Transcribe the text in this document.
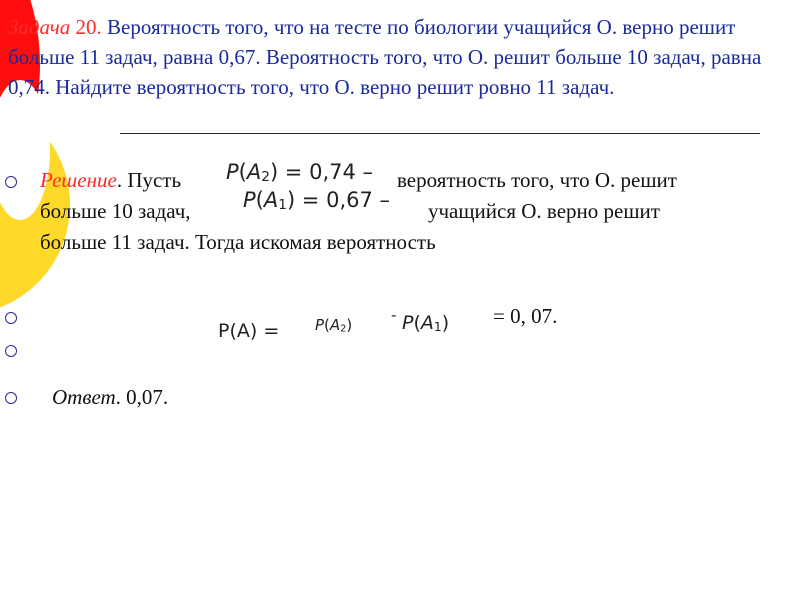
Задача 20. Вероятность того, что на тесте по биологии учащийся О. верно решит больше 11 задач, равна 0,67. Вероятность того, что О. решит больше 10 задач, равна 0,74. Найдите вероятность того, что О. верно решит ровно 11 задач.

Решение. Пусть $P(A_2) = 0,74$ – вероятность того, что О. решит
больше 10 задач, $P(A_1) = 0,67$ – учащийся О. верно решит
больше 11 задач. Тогда искомая вероятность
$P(A) = P(A_2)$
- $P(A_1) = 0$, 07.
Ответ. 0,07.
